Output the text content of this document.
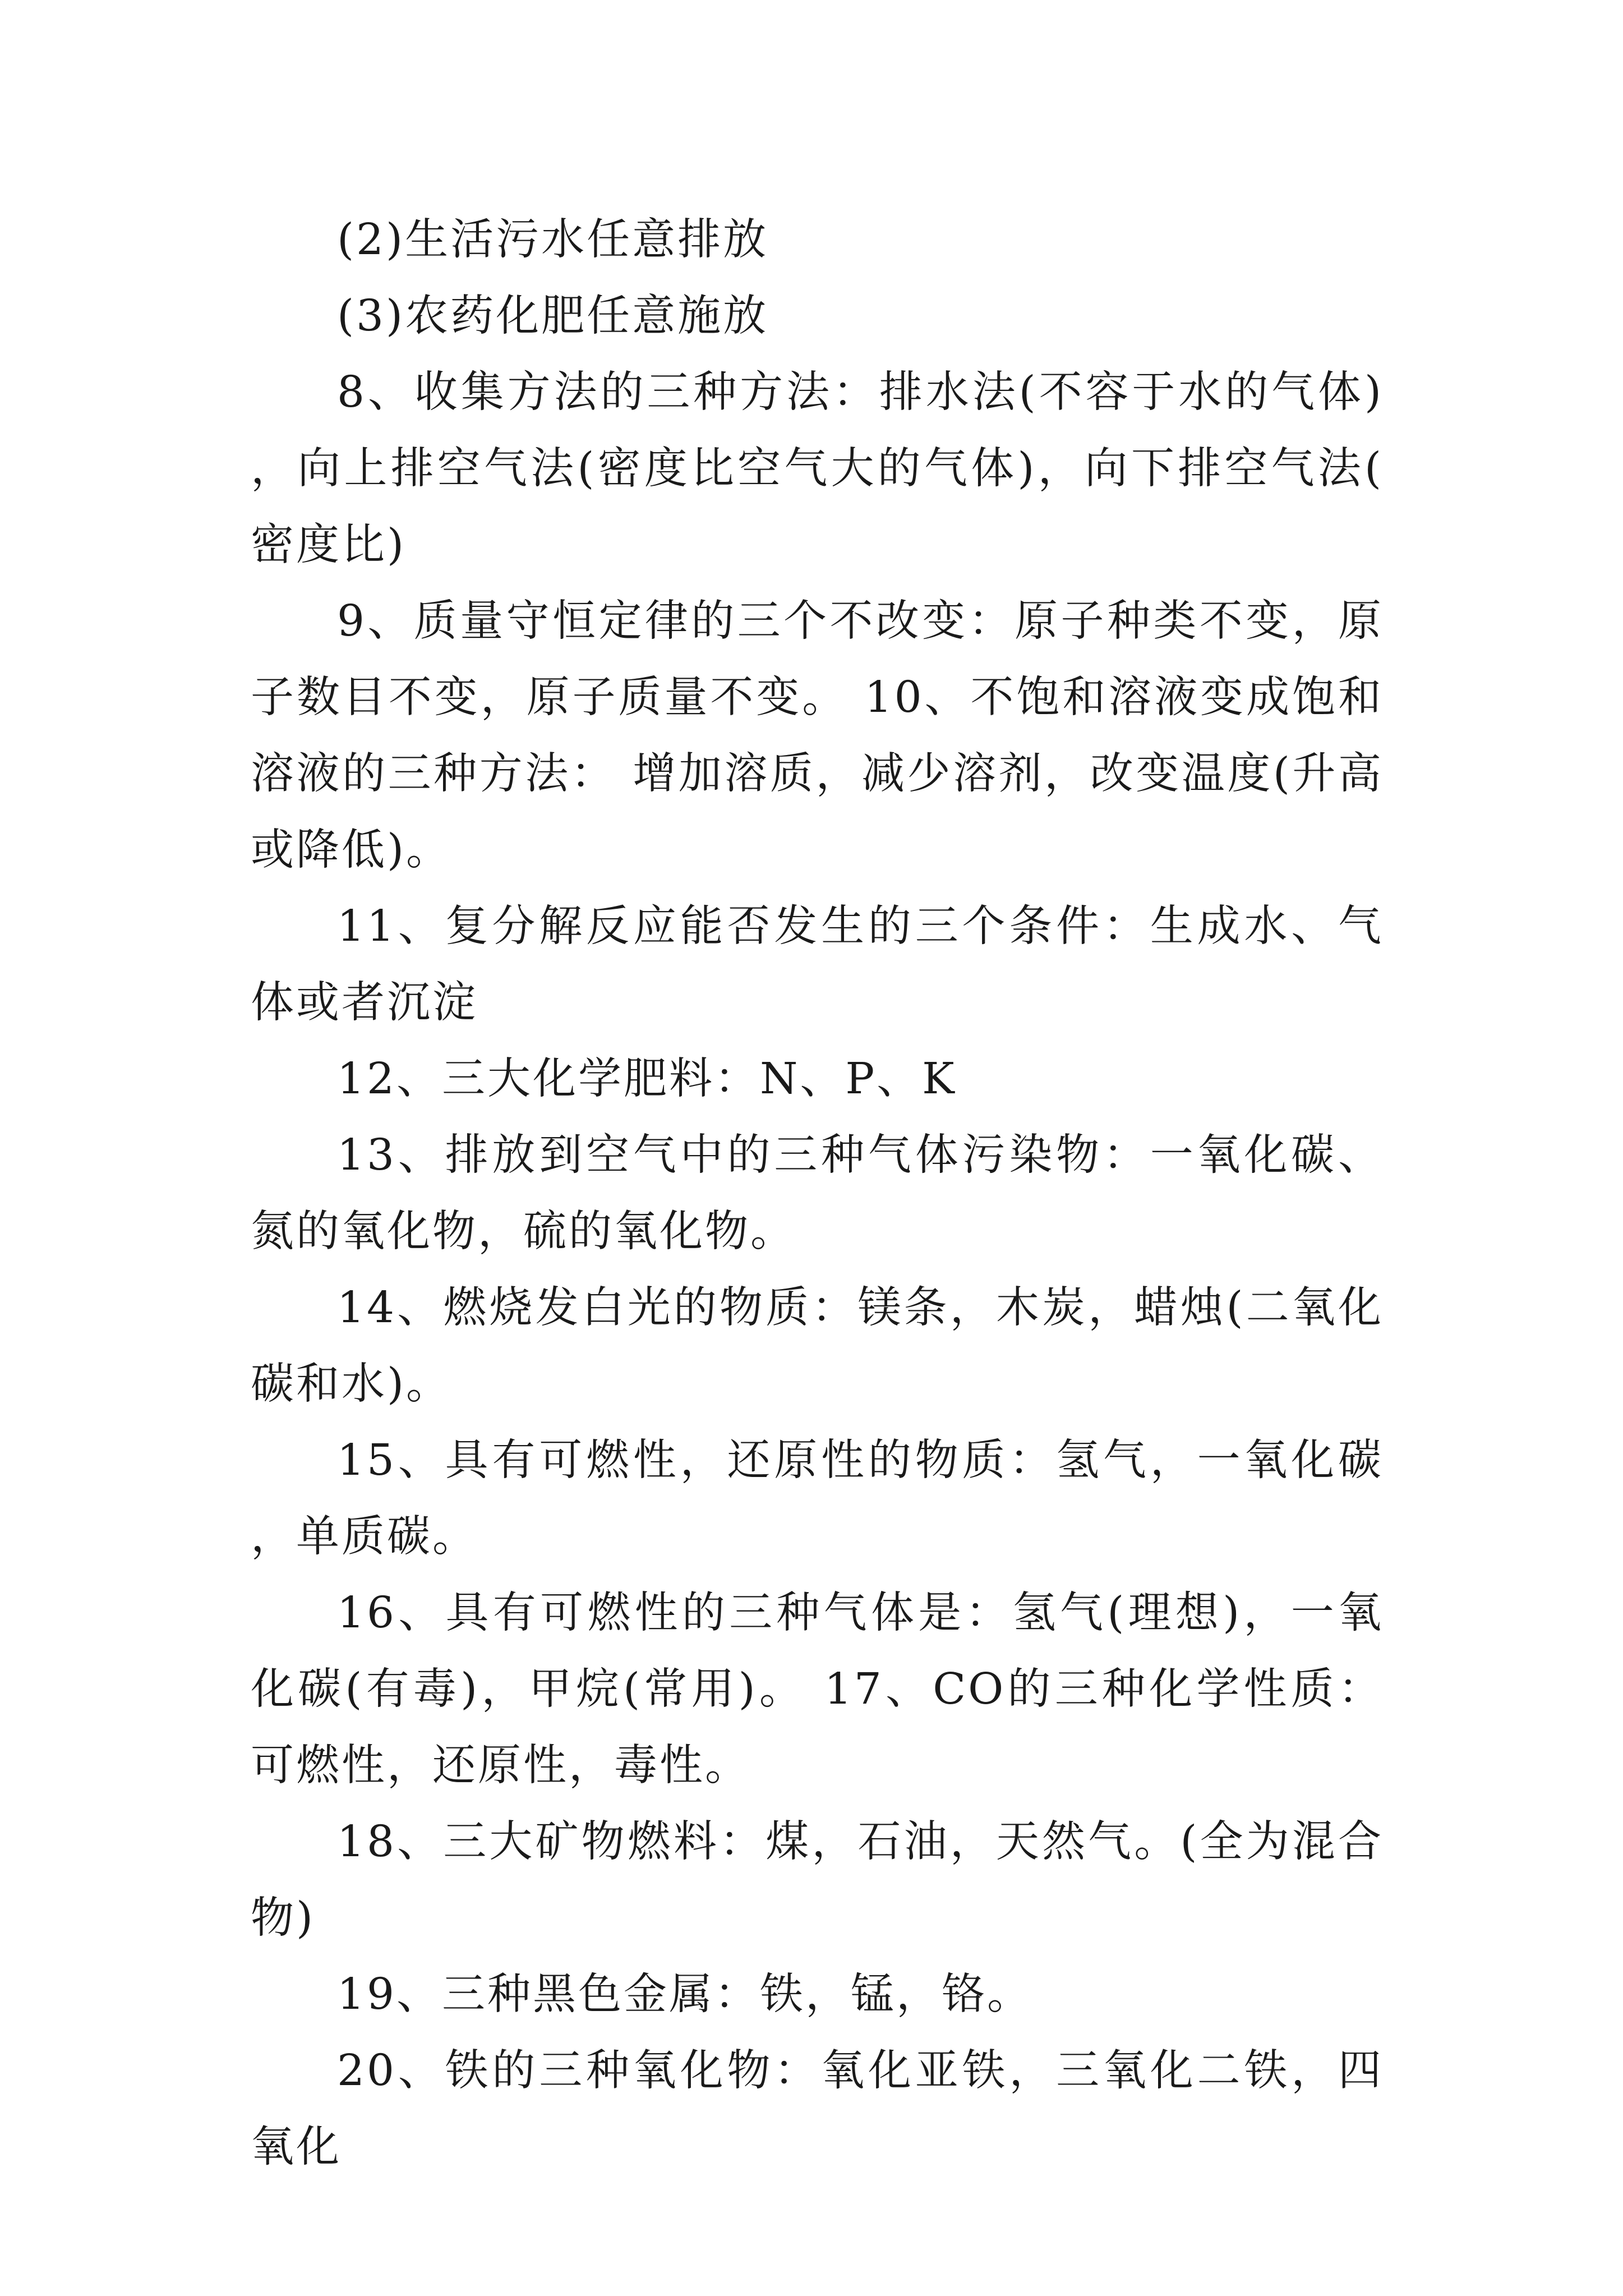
(2)生活污水任意排放

(3)农药化肥任意施放

8、收集方法的三种方法：排水法(不容于水的气体)，向上排空气法(密度比空气大的气体)，向下排空气法(密度比)

9、质量守恒定律的三个不改变：原子种类不变，原子数目不变，原子质量不变。 10、不饱和溶液变成饱和溶液的三种方法： 增加溶质，减少溶剂，改变温度(升高或降低)。

11、复分解反应能否发生的三个条件：生成水、气体或者沉淀

12、三大化学肥料：N、P、K

13、排放到空气中的三种气体污染物：一氧化碳、氮的氧化物，硫的氧化物。

14、燃烧发白光的物质：镁条，木炭，蜡烛(二氧化碳和水)。

15、具有可燃性，还原性的物质：氢气，一氧化碳，单质碳。

16、具有可燃性的三种气体是：氢气(理想)，一氧化碳(有毒)，甲烷(常用)。 17、CO的三种化学性质：可燃性，还原性，毒性。

18、三大矿物燃料：煤，石油，天然气。(全为混合物)

19、三种黑色金属：铁，锰，铬。

20、铁的三种氧化物：氧化亚铁，三氧化二铁，四氧化
